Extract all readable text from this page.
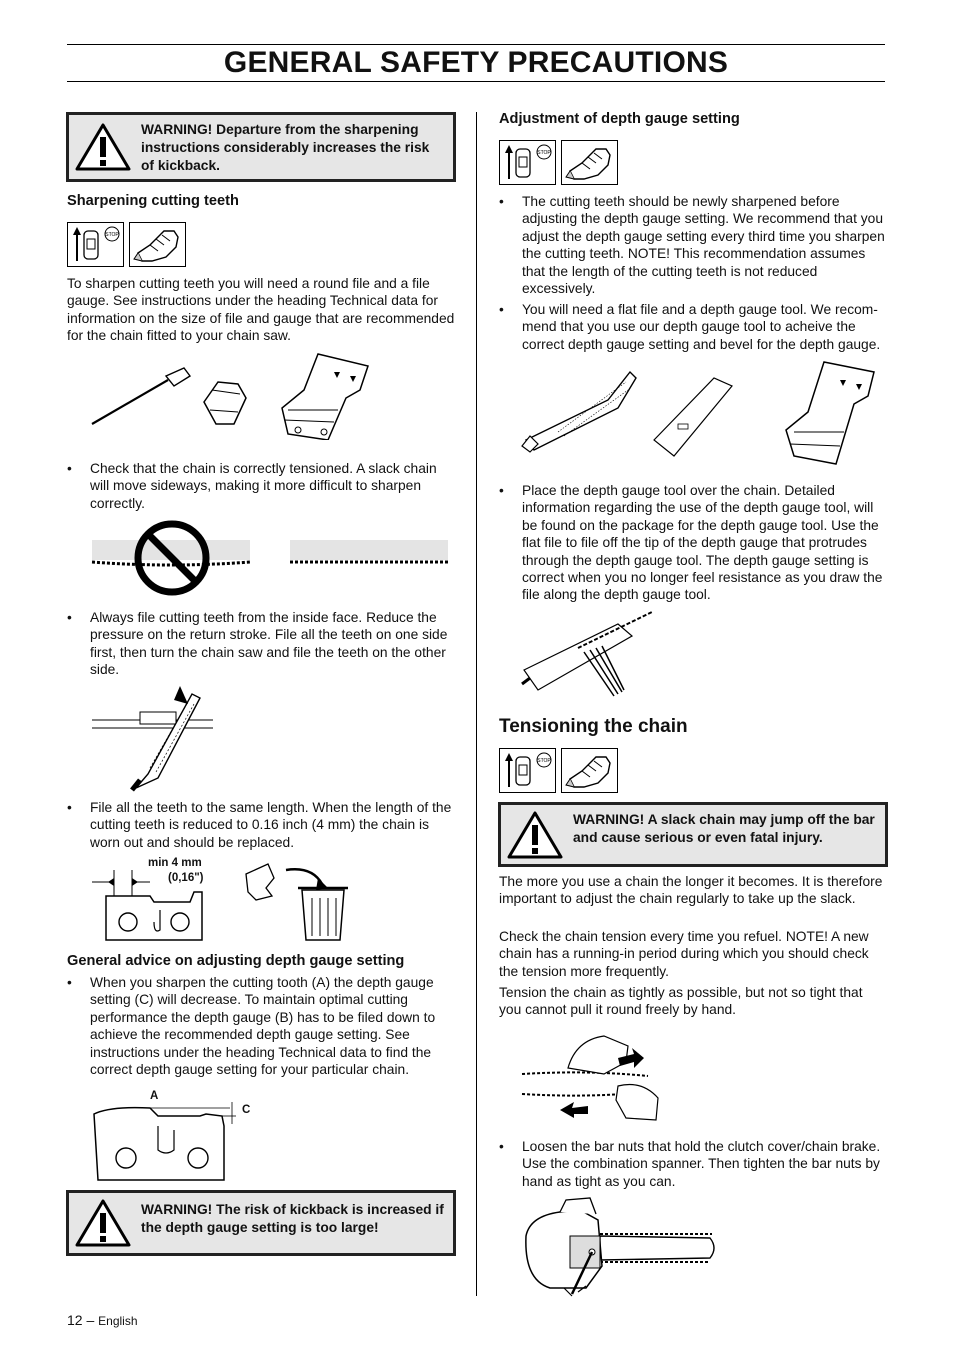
GENERAL SAFETY PRECAUTIONS
WARNING! Departure from the sharpening instructions considerably increases the risk of kickback.
Sharpening cutting teeth
STOP

To sharpen cutting teeth you will need a round file and a file gauge. See instructions under the heading Technical data for information on the size of file and gauge that are recommended for the chain fitted to your chain saw.

• Check that the chain is correctly tensioned. A slack chain will move sideways, making it more difficult to sharpen correctly.
• Always file cutting teeth from the inside face. Reduce the pressure on the return stroke. File all the teeth on one side first, then turn the chain saw and file the teeth on the other side.
• File all the teeth to the same length. When the length of the cutting teeth is reduced to 0.16 inch (4 mm) the chain is worn out and should be replaced.
min 4 mm
(0,16")
General advice on adjusting depth gauge setting
• When you sharpen the cutting tooth (A) the depth gauge setting (C) will decrease. To maintain optimal cutting performance the depth gauge (B) has to be filed down to achieve the recommended depth gauge setting. See instructions under the heading Technical data to find the correct depth gauge setting for your particular chain.
A
C
WARNING! The risk of kickback is increased if the depth gauge setting is too large!
Adjustment of depth gauge setting
STOP
• The cutting teeth should be newly sharpened before adjusting the depth gauge setting. We recommend that you adjust the depth gauge setting every third time you sharpen the cutting teeth. NOTE! This recommendation assumes that the length of the cutting teeth is not reduced excessively.
• You will need a flat file and a depth gauge tool. We recom-mend that you use our depth gauge tool to acheive the correct depth gauge setting and bevel for the depth gauge.
• Place the depth gauge tool over the chain. Detailed information regarding the use of the depth gauge tool, will be found on the package for the depth gauge tool. Use the flat file to file off the tip of the depth gauge that protrudes through the depth gauge tool. The depth gauge setting is correct when you no longer feel resistance as you draw the file along the depth gauge tool.
Tensioning the chain
STOP
WARNING! A slack chain may jump off the bar and cause serious or even fatal injury.

The more you use a chain the longer it becomes. It is therefore important to adjust the chain regularly to take up the slack.

Check the chain tension every time you refuel. NOTE! A new chain has a running-in period during which you should check the tension more frequently.

Tension the chain as tightly as possible, but not so tight that you cannot pull it round freely by hand.

• Loosen the bar nuts that hold the clutch cover/chain brake. Use the combination spanner. Then tighten the bar nuts by hand as tight as you can.
12 – English
